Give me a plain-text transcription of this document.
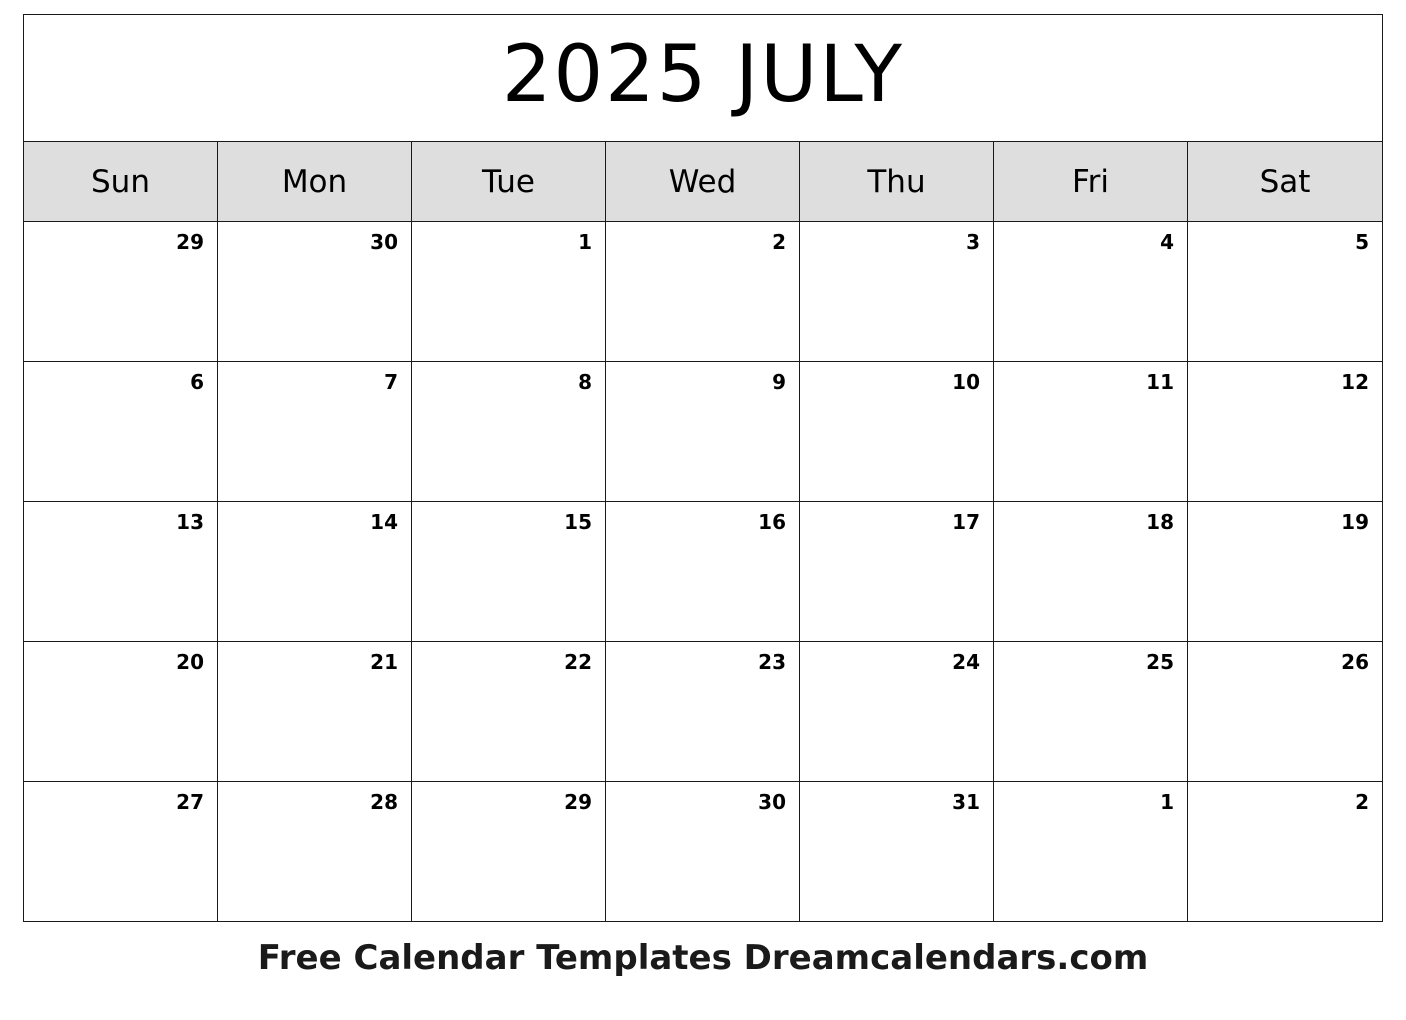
2025 JULY
Sun	Mon	Tue	Wed	Thu	Fri	Sat
29	30	1	2	3	4	5
6	7	8	9	10	11	12
13	14	15	16	17	18	19
20	21	22	23	24	25	26
27	28	29	30	31	1	2
Free Calendar Templates Dreamcalendars.com
